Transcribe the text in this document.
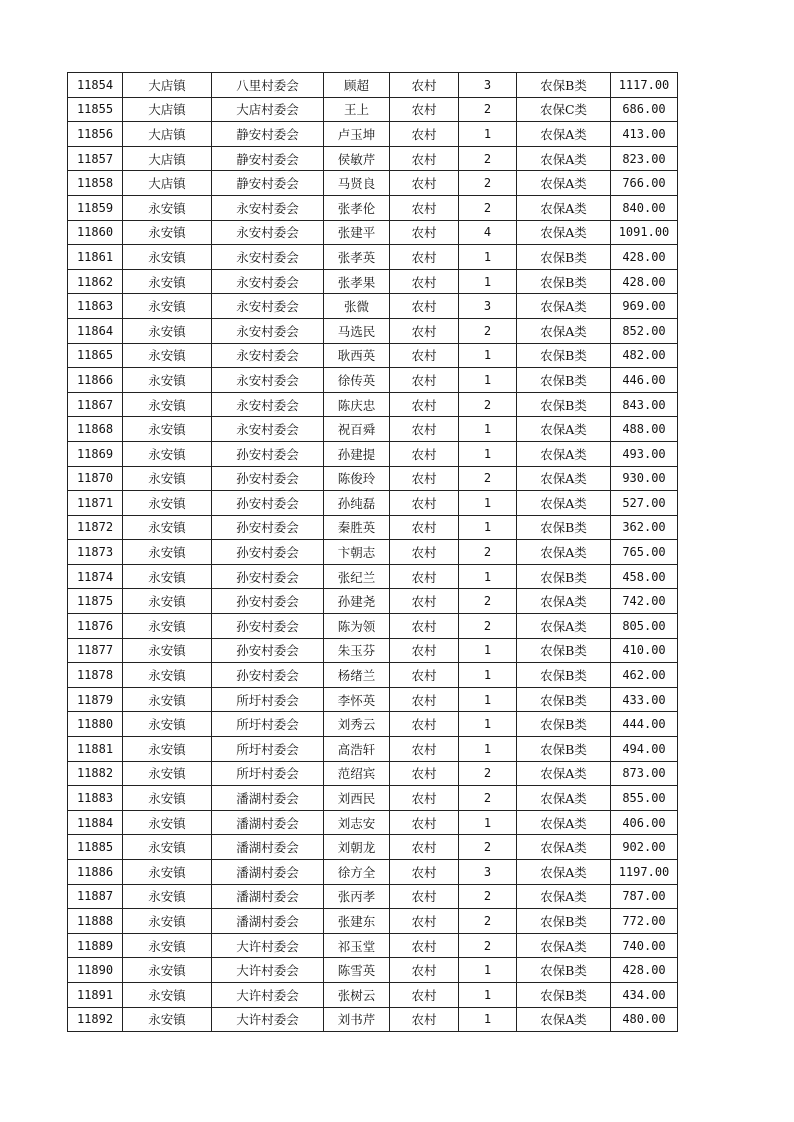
11854	大店镇	八里村委会	顾超	农村	3	农保B类	1117.00
11855	大店镇	大店村委会	王上	农村	2	农保C类	686.00
11856	大店镇	静安村委会	卢玉坤	农村	1	农保A类	413.00
11857	大店镇	静安村委会	侯敏芹	农村	2	农保A类	823.00
11858	大店镇	静安村委会	马贤良	农村	2	农保A类	766.00
11859	永安镇	永安村委会	张孝伦	农村	2	农保A类	840.00
11860	永安镇	永安村委会	张建平	农村	4	农保A类	1091.00
11861	永安镇	永安村委会	张孝英	农村	1	农保B类	428.00
11862	永安镇	永安村委会	张孝果	农村	1	农保B类	428.00
11863	永安镇	永安村委会	张微	农村	3	农保A类	969.00
11864	永安镇	永安村委会	马选民	农村	2	农保A类	852.00
11865	永安镇	永安村委会	耿西英	农村	1	农保B类	482.00
11866	永安镇	永安村委会	徐传英	农村	1	农保B类	446.00
11867	永安镇	永安村委会	陈庆忠	农村	2	农保B类	843.00
11868	永安镇	永安村委会	祝百舜	农村	1	农保A类	488.00
11869	永安镇	孙安村委会	孙建提	农村	1	农保A类	493.00
11870	永安镇	孙安村委会	陈俊玲	农村	2	农保A类	930.00
11871	永安镇	孙安村委会	孙纯磊	农村	1	农保A类	527.00
11872	永安镇	孙安村委会	秦胜英	农村	1	农保B类	362.00
11873	永安镇	孙安村委会	卞朝志	农村	2	农保A类	765.00
11874	永安镇	孙安村委会	张纪兰	农村	1	农保B类	458.00
11875	永安镇	孙安村委会	孙建尧	农村	2	农保A类	742.00
11876	永安镇	孙安村委会	陈为领	农村	2	农保A类	805.00
11877	永安镇	孙安村委会	朱玉芬	农村	1	农保B类	410.00
11878	永安镇	孙安村委会	杨绪兰	农村	1	农保B类	462.00
11879	永安镇	所圩村委会	李怀英	农村	1	农保B类	433.00
11880	永安镇	所圩村委会	刘秀云	农村	1	农保B类	444.00
11881	永安镇	所圩村委会	高浩轩	农村	1	农保B类	494.00
11882	永安镇	所圩村委会	范绍宾	农村	2	农保A类	873.00
11883	永安镇	潘湖村委会	刘西民	农村	2	农保A类	855.00
11884	永安镇	潘湖村委会	刘志安	农村	1	农保A类	406.00
11885	永安镇	潘湖村委会	刘朝龙	农村	2	农保A类	902.00
11886	永安镇	潘湖村委会	徐方全	农村	3	农保A类	1197.00
11887	永安镇	潘湖村委会	张丙孝	农村	2	农保A类	787.00
11888	永安镇	潘湖村委会	张建东	农村	2	农保B类	772.00
11889	永安镇	大许村委会	祁玉堂	农村	2	农保A类	740.00
11890	永安镇	大许村委会	陈雪英	农村	1	农保B类	428.00
11891	永安镇	大许村委会	张树云	农村	1	农保B类	434.00
11892	永安镇	大许村委会	刘书芹	农村	1	农保A类	480.00
